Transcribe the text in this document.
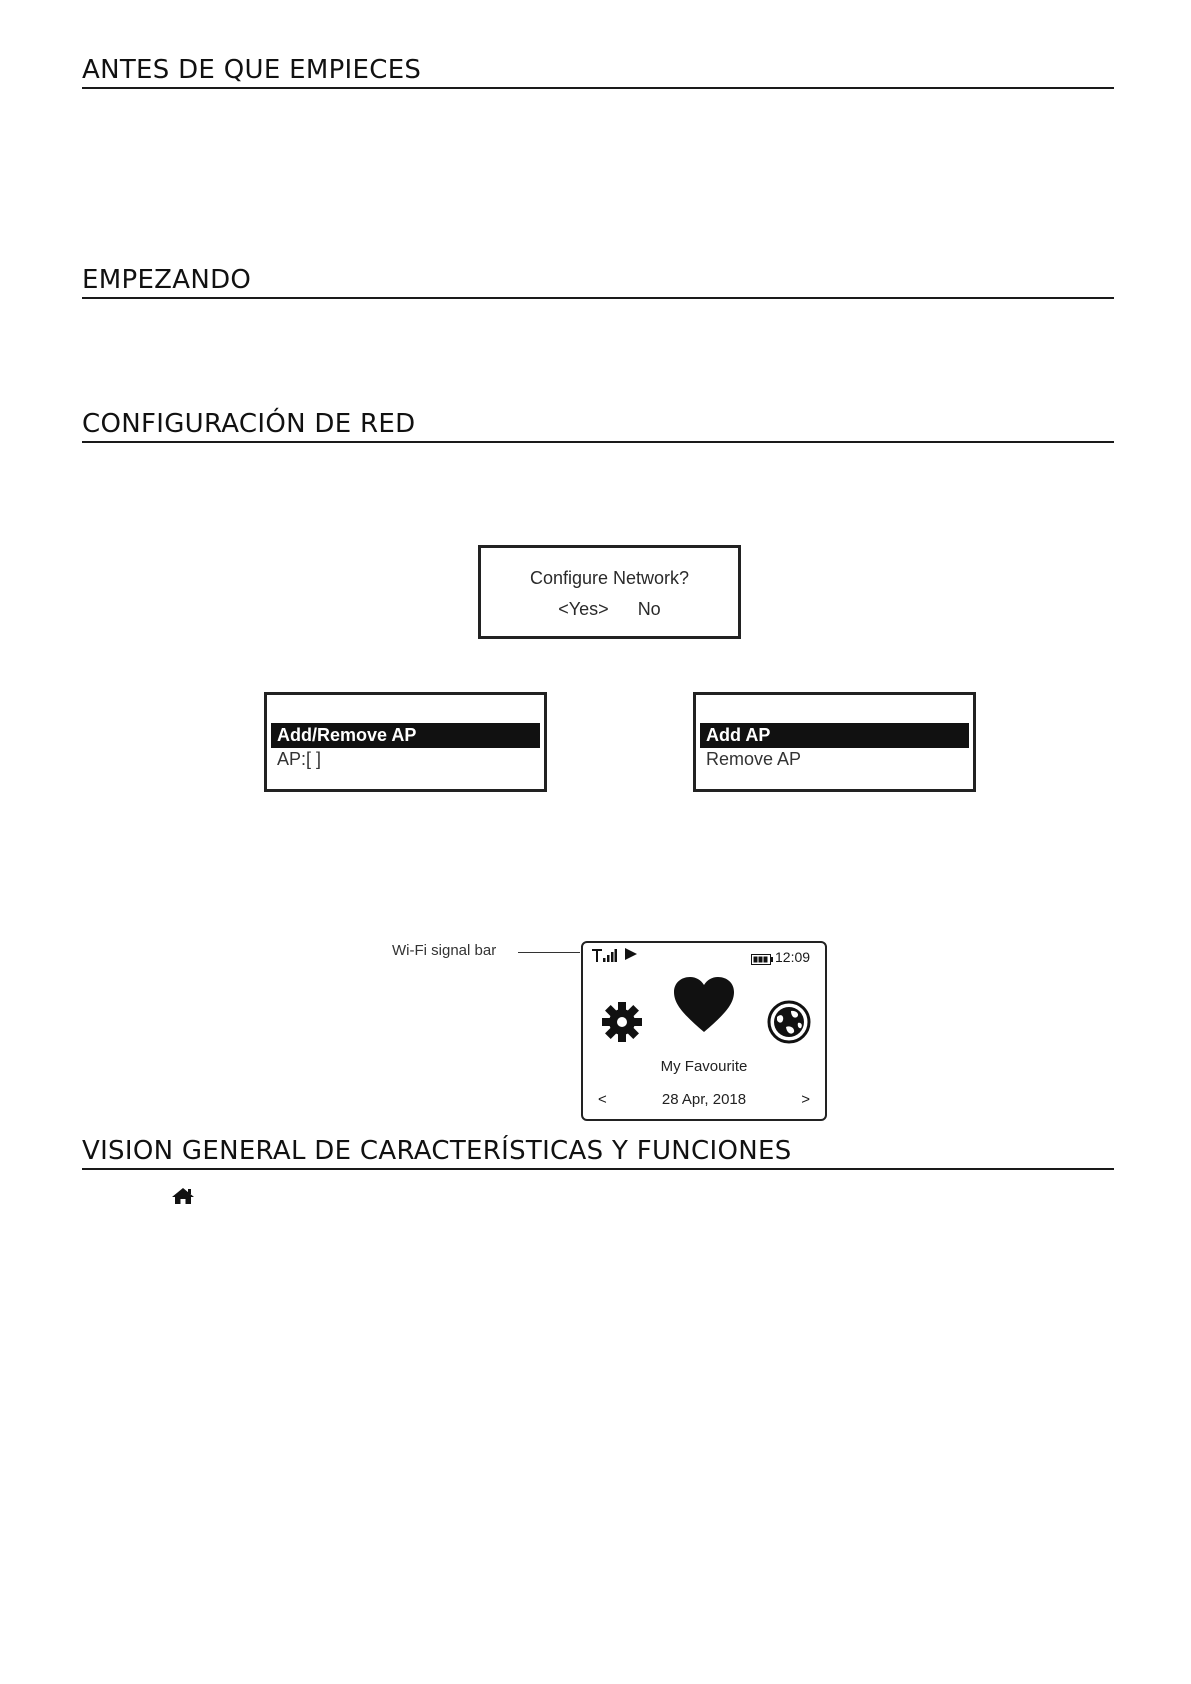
ANTES DE QUE EMPIECES
EMPEZANDO
CONFIGURACIÓN DE RED
VISION GENERAL DE CARACTERÍSTICAS Y FUNCIONES
Configure Network?
<Yes> No
Add/Remove AP
AP:[ ]
Add AP
Remove AP
Wi-Fi signal bar	12:09
My Favourite
<	28 Apr, 2018	>
